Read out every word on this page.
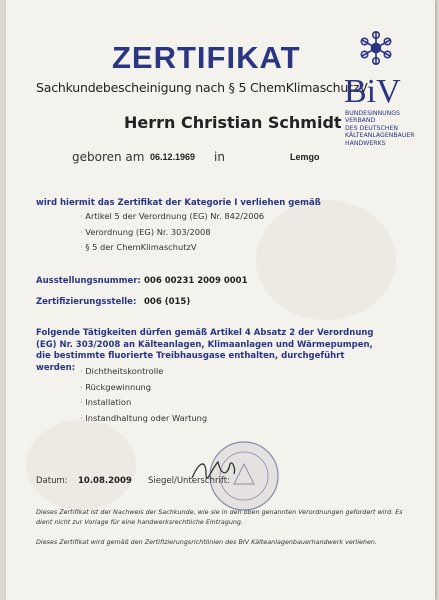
ZERTIFIKAT
Sachkundebescheinigung nach § 5 ChemKlimaschutzV
BiV
BUNDESINNUNGS
VERBAND
DES DEUTSCHEN
KÄLTEANLAGENBAUER
HANDWERKS
Herrn Christian Schmidt
geboren am 06.12.1969 in	Lemgo
wird hiermit das Zertifikat der Kategorie I verliehen gemäß
· Artikel 5 der Verordnung (EG) Nr. 842/2006
· Verordnung (EG) Nr. 303/2008
· § 5 der ChemKlimaschutzV
Ausstellungsnummer: 006 00231 2009 0001
Zertifizierungsstelle: 006 (015)
Folgende Tätigkeiten dürfen gemäß Artikel 4 Absatz 2 der Verordnung (EG) Nr. 303/2008 an Kälteanlagen, Klimaanlagen und Wärmepumpen, die bestimmte fluorierte Treibhausgase enthalten, durchgeführt werden:
·	Dichtheitskontrolle
· Rückgewinnung
· Installation
· Instandhaltung oder Wartung
Datum: 10.08.2009 Siegel/Unterschrift:
Dieses Zertifikat ist der Nachweis der Sachkunde, wie sie in den oben genannten Verordnungen gefordert wird. Es dient nicht zur Vorlage für eine handwerksrechtliche Eintragung.
Dieses Zertifikat wird gemäß den Zertifizierungsrichtlinien des BIV Kälteanlagenbauerhandwerk verliehen.
